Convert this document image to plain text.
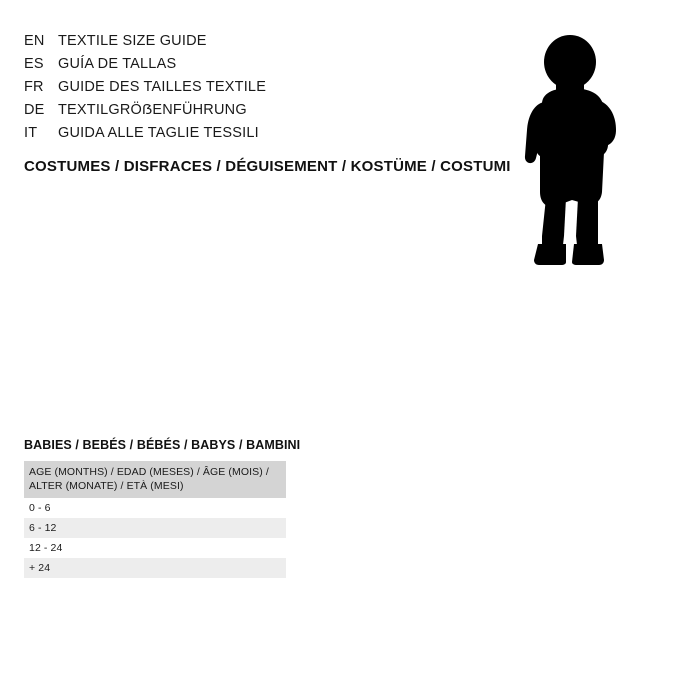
EN TEXTILE SIZE GUIDE
ES GUÍA DE TALLAS
FR GUIDE DES TAILLES TEXTILE
DE TEXTILGRÖẞENFÜHRUNG
IT	GUIDA ALLE TAGLIE TESSILI
COSTUMES / DISFRACES / DÉGUISEMENT / KOSTÜME / COSTUMI
BABIES / BEBÉS / BÉBÉS / BABYS / BAMBINI
AGE (MONTHS) / EDAD (MESES) / ÂGE (MOIS) / ALTER (MONATE) / ETÀ (MESI)
0 - 6
6 - 12
12 - 24
+ 24
